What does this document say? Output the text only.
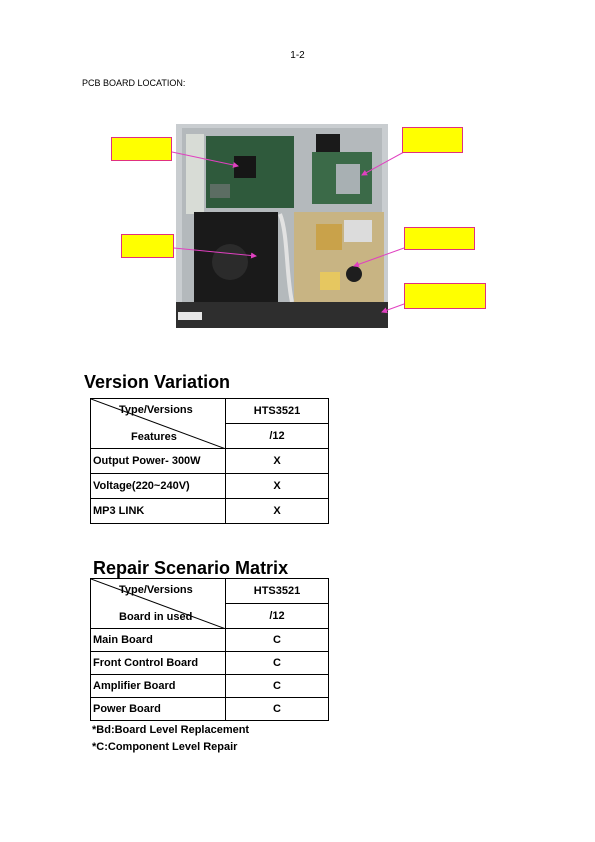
1-2
PCB BOARD LOCATION:
Version Variation
Type/Versions
Features	HTS3521
	/12
Output Power- 300W	X
Voltage(220~240V)	X
MP3 LINK	X
Repair Scenario Matrix
Type/Versions
Board in used	HTS3521
	/12
Main Board	C
Front Control Board	C
Amplifier Board	C
Power Board	C
*Bd:Board Level Replacement
*C:Component Level Repair
